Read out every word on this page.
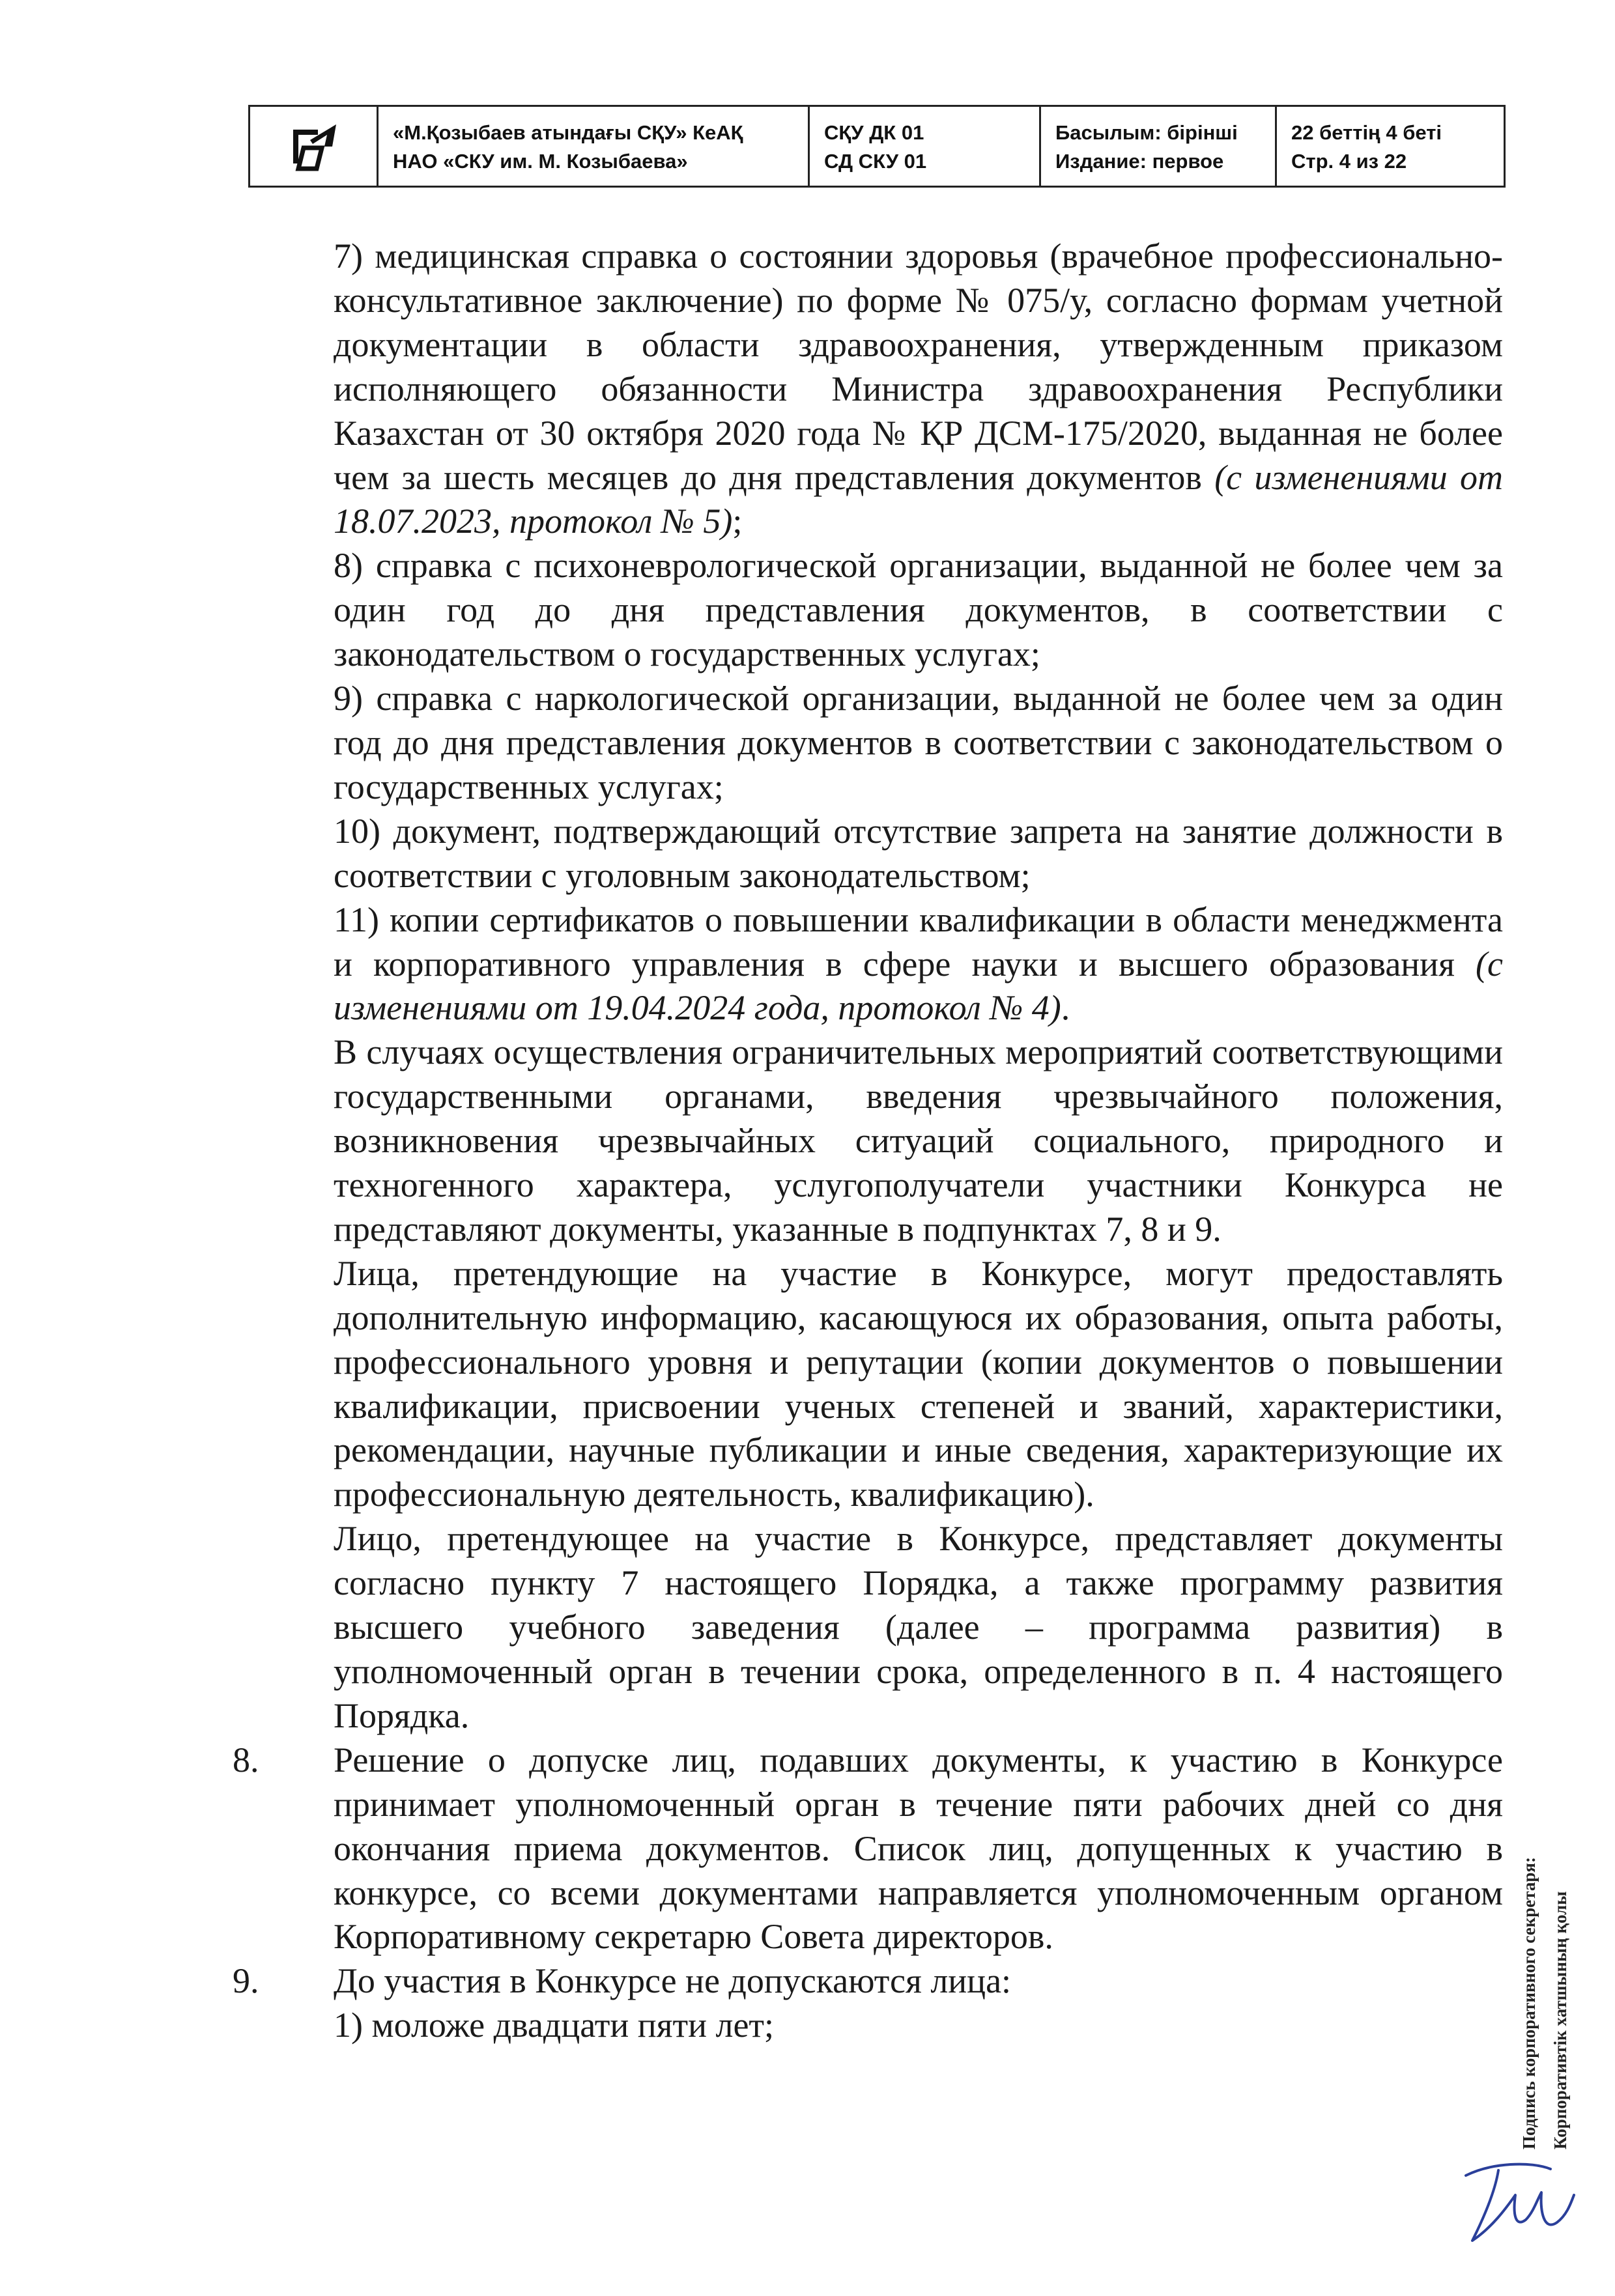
«М.Қозыбаев атындағы СҚУ» КеАҚ
НАО «СКУ им. М. Козыбаева»
СҚУ ДК 01
СД СКУ 01
Басылым: бірінші
Издание: первое
22 беттің 4 беті
Стр. 4 из 22

7) медицинская справка о состоянии здоровья (врачебное профессионально-консультативное заключение) по форме № 075/у, согласно формам учетной документации в области здравоохранения, утвержденным приказом исполняющего обязанности Министра здравоохранения Республики Казахстан от 30 октября 2020 года № ҚР ДСМ-175/2020, выданная не более чем за шесть месяцев до дня представления документов (с изменениями от 18.07.2023, протокол № 5);

8) справка с психоневрологической организации, выданной не более чем за один год до дня представления документов, в соответствии с законодательством о государственных услугах;

9) справка с наркологической организации, выданной не более чем за один год до дня представления документов в соответствии с законодательством о государственных услугах;

10) документ, подтверждающий отсутствие запрета на занятие должности в соответствии с уголовным законодательством;

11) копии сертификатов о повышении квалификации в области менеджмента и корпоративного управления в сфере науки и высшего образования (с изменениями от 19.04.2024 года, протокол № 4).

В случаях осуществления ограничительных мероприятий соответствующими государственными органами, введения чрезвычайного положения, возникновения чрезвычайных ситуаций социального, природного и техногенного характера, услугополучатели участники Конкурса не представляют документы, указанные в подпунктах 7, 8 и 9.

Лица, претендующие на участие в Конкурсе, могут предоставлять дополнительную информацию, касающуюся их образования, опыта работы, профессионального уровня и репутации (копии документов о повышении квалификации, присвоении ученых степеней и званий, характеристики, рекомендации, научные публикации и иные сведения, характеризующие их профессиональную деятельность, квалификацию).

Лицо, претендующее на участие в Конкурсе, представляет документы согласно пункту 7 настоящего Порядка, а также программу развития высшего учебного заведения (далее – программа развития) в уполномоченный орган в течении срока, определенного в п. 4 настоящего Порядка.

8. Решение о допуске лиц, подавших документы, к участию в Конкурсе принимает уполномоченный орган в течение пяти рабочих дней со дня окончания приема документов. Список лиц, допущенных к участию в конкурсе, со всеми документами направляется уполномоченным органом Корпоративному секретарю Совета директоров.
9. До участия в Конкурсе не допускаются лица:

1) моложе двадцати пяти лет;	Корпоративтік хатшының қолы
Подпись корпоративного секретаря:
